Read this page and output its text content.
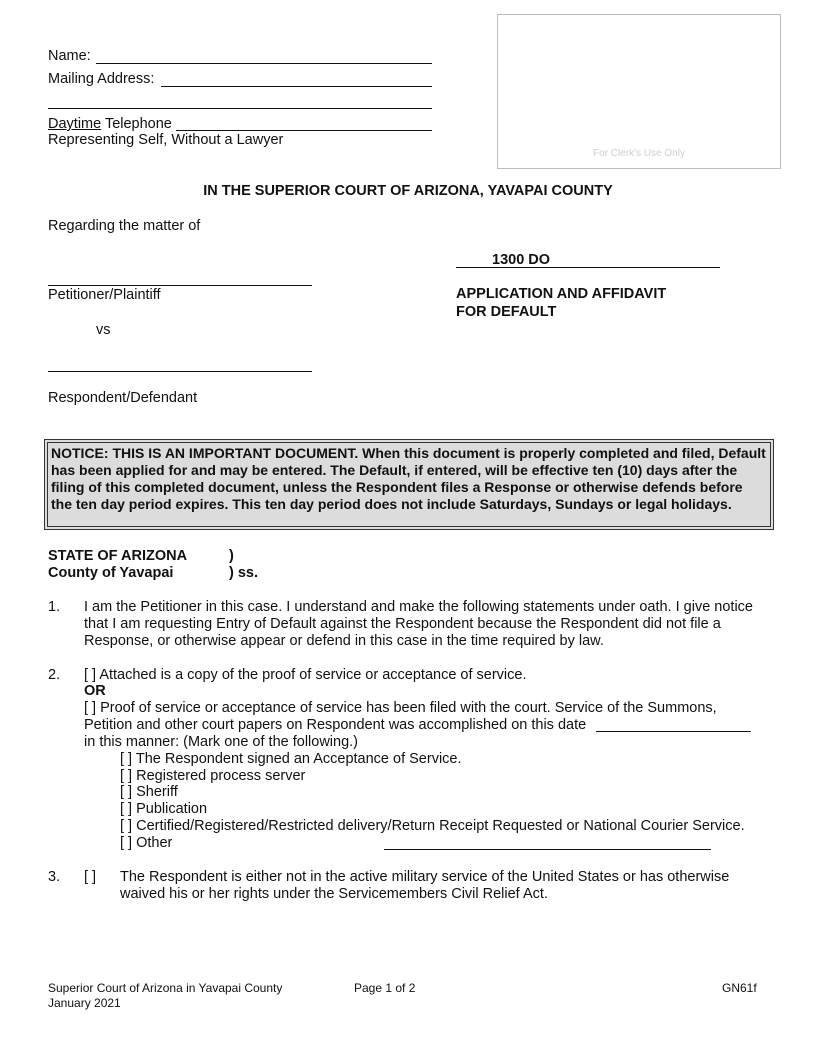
Name:
Mailing Address:
Daytime Telephone
Representing Self, Without a Lawyer
For Clerk's Use Only
IN THE SUPERIOR COURT OF ARIZONA, YAVAPAI COUNTY
Regarding the matter of
Petitioner/Plaintiff
vs
Respondent/Defendant
1300 DO
APPLICATION AND AFFIDAVIT
FOR DEFAULT
NOTICE: THIS IS AN IMPORTANT DOCUMENT. When this document is properly completed and filed, Default has been applied for and may be entered. The Default, if entered, will be effective ten (10) days after the filing of this completed document, unless the Respondent files a Response or otherwise defends before the ten day period expires. This ten day period does not include Saturdays, Sundays or legal holidays.
STATE OF ARIZONA	)
County of Yavapai	) ss.
1. I am the Petitioner in this case. I understand and make the following statements under oath. I give notice that I am requesting Entry of Default against the Respondent because the Respondent did not file a Response, or otherwise appear or defend in this case in the time required by law.
2. [ ] Attached is a copy of the proof of service or acceptance of service.
OR
[ ] Proof of service or acceptance of service has been filed with the court. Service of the Summons, Petition and other court papers on Respondent was accomplished on this date
in this manner: (Mark one of the following.)
[ ] The Respondent signed an Acceptance of Service.
[ ] Registered process server
[ ] Sheriff
[ ] Publication
[ ] Certified/Registered/Restricted delivery/Return Receipt Requested or National Courier Service.
[ ] Other
3. [ ] The Respondent is either not in the active military service of the United States or has otherwise waived his or her rights under the Servicemembers Civil Relief Act.
Superior Court of Arizona in Yavapai County
January 2021
Page 1 of 2	GN61f
